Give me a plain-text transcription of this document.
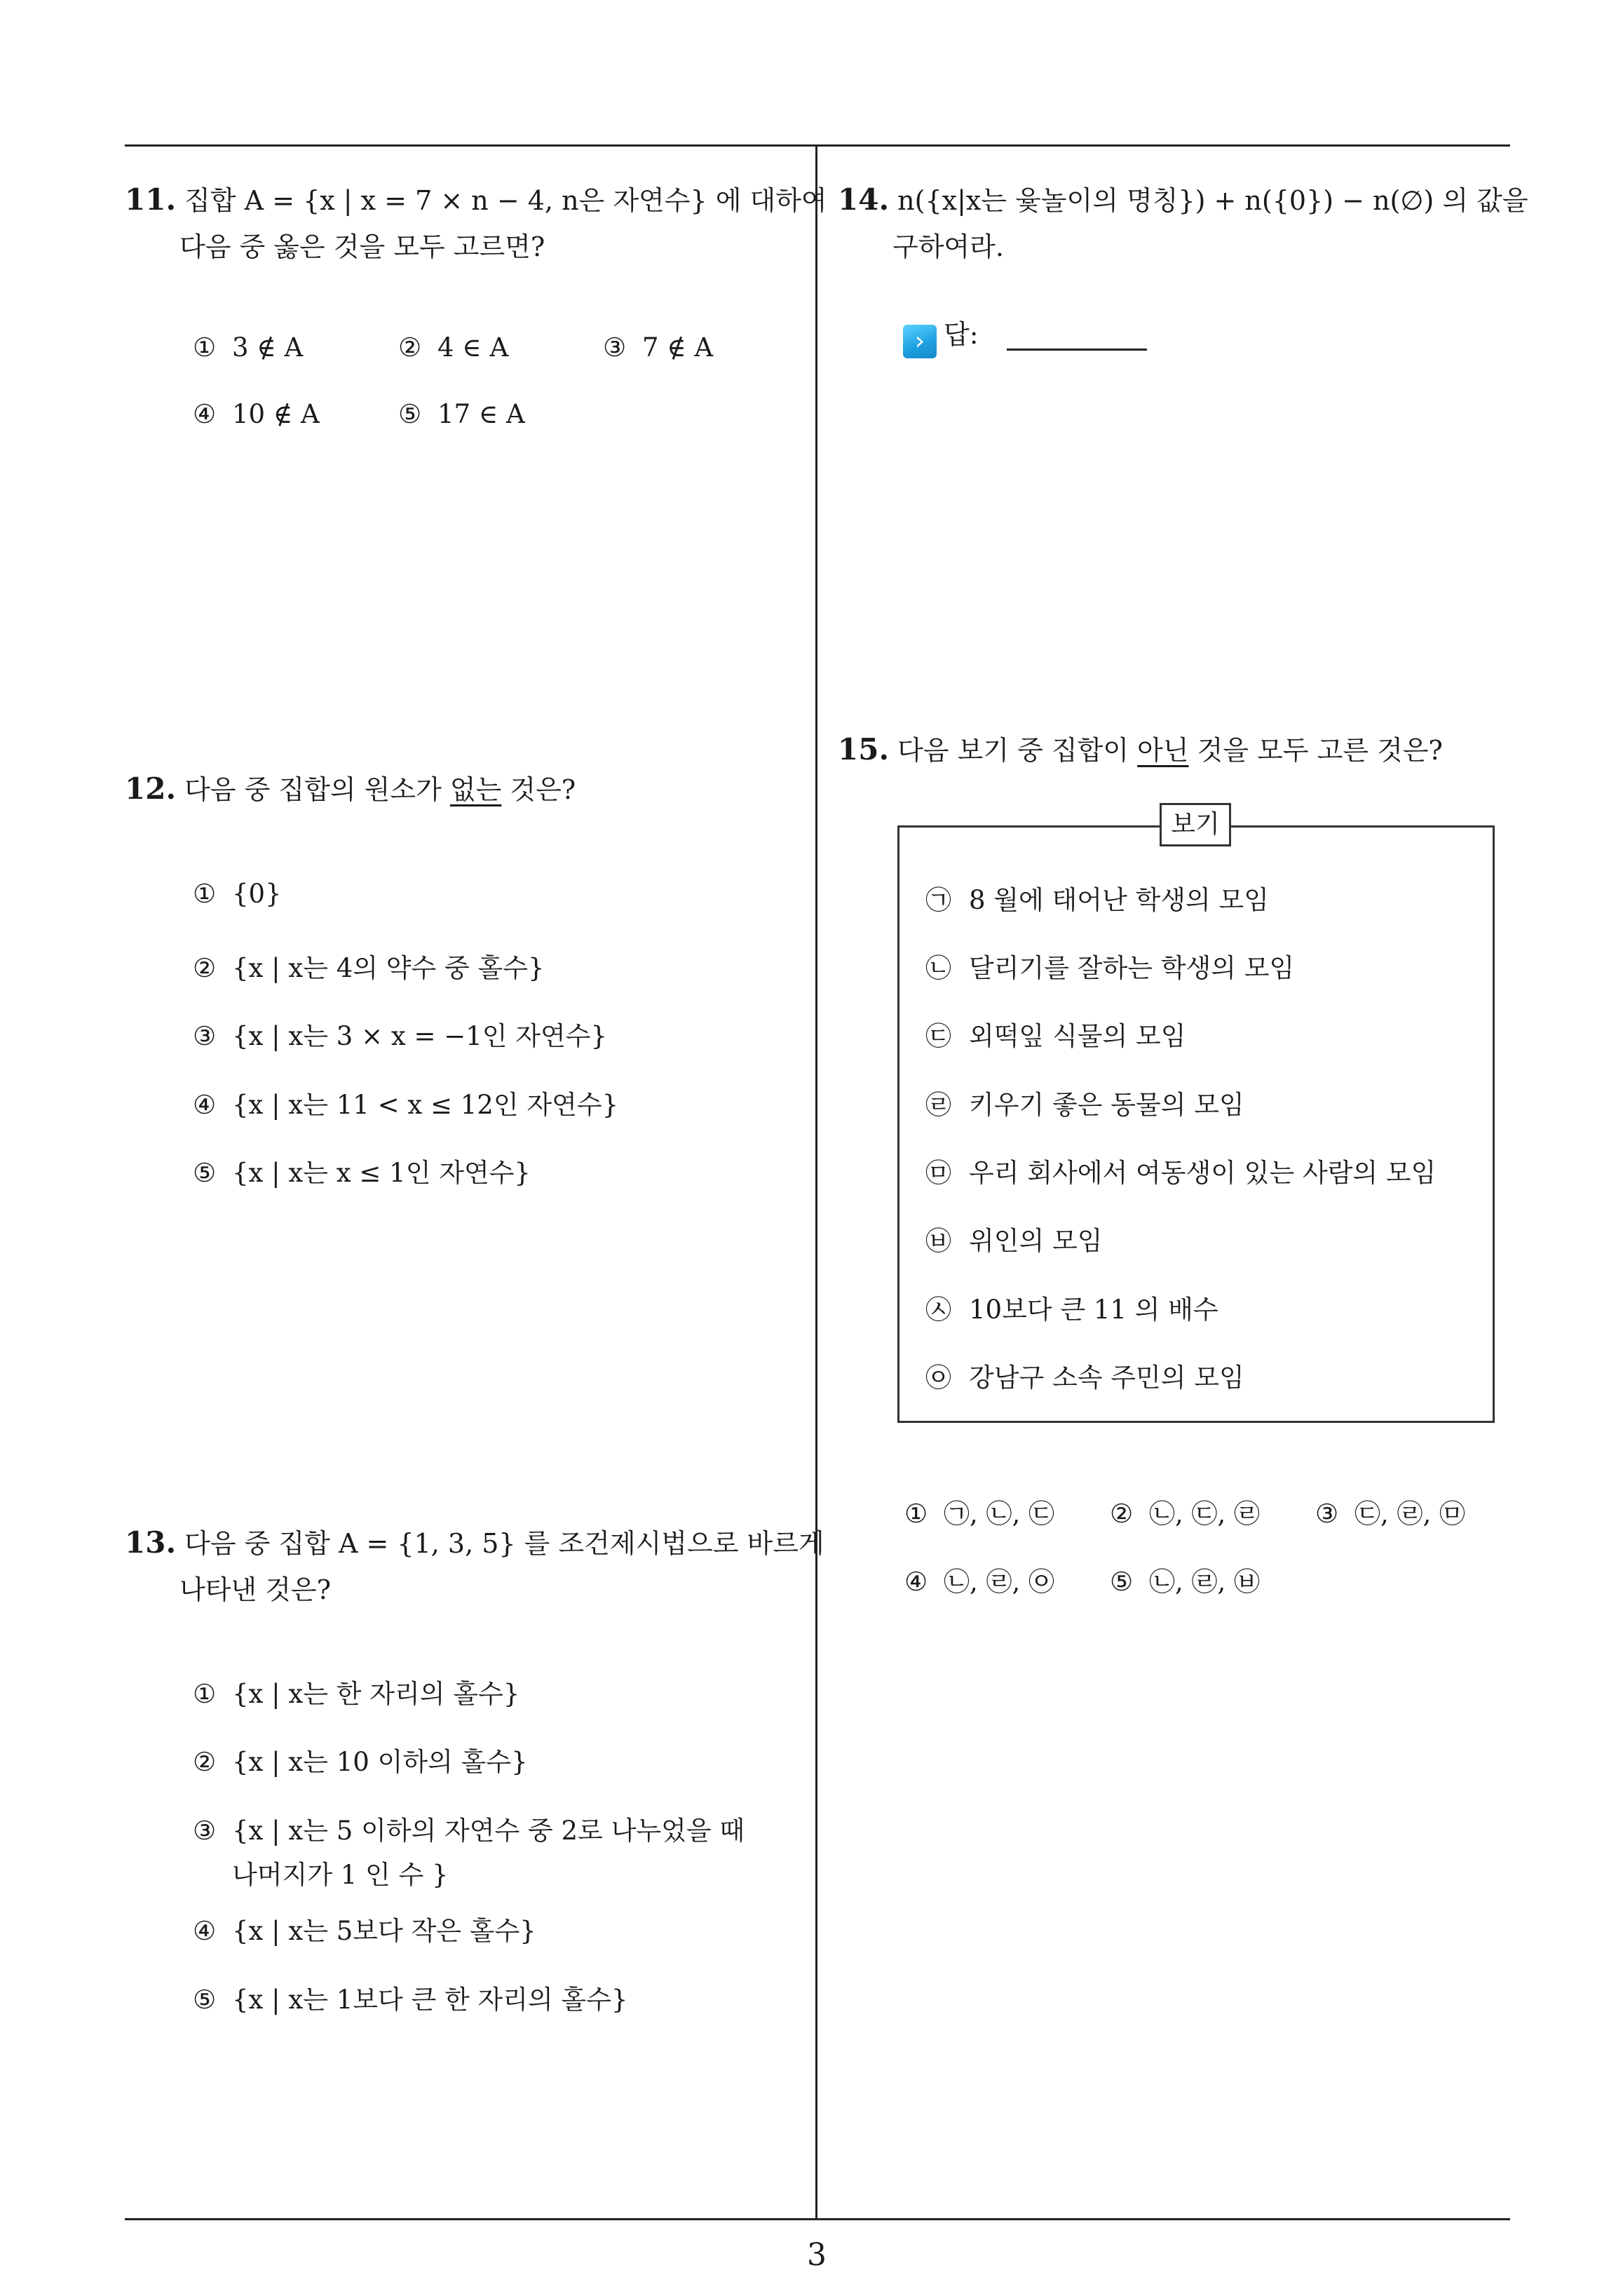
3
11. 집합 A = {x | x = 7 × n − 4, n은 자연수} 에 대하여
다음 중 옳은 것을 모두 고르면?
① 3 ∉ A	② 4 ∈ A	③ 7 ∉ A
④ 10 ∉ A	⑤ 17 ∈ A
12. 다음 중 집합의 원소가 없는 것은?
① {0}
② {x | x는 4의 약수 중 홀수}
③ {x | x는 3 × x = −1인 자연수}
④ {x | x는 11 < x ≤ 12인 자연수}
⑤ {x | x는 x ≤ 1인 자연수}
13. 다음 중 집합 A = {1, 3, 5} 를 조건제시법으로 바르게
나타낸 것은?
① {x | x는 한 자리의 홀수}
② {x | x는 10 이하의 홀수}
③ {x | x는 5 이하의 자연수 중 2로 나누었을 때
나머지가 1 인 수 }
④ {x | x는 5보다 작은 홀수}
⑤ {x | x는 1보다 큰 한 자리의 홀수}
14. n({x|x는 윷놀이의 명칭}) + n({0}) − n(∅) 의 값을
구하여라.
› 답:
15. 다음 보기 중 집합이 아닌 것을 모두 고른 것은?
보기
㉠ 8 월에 태어난 학생의 모임
㉡ 달리기를 잘하는 학생의 모임
㉢ 외떡잎 식물의 모임
㉣ 키우기 좋은 동물의 모임
㉤ 우리 회사에서 여동생이 있는 사람의 모임
㉥ 위인의 모임
㉦ 10보다 큰 11 의 배수
㉧ 강남구 소속 주민의 모임
① ㉠, ㉡, ㉢ ② ㉡, ㉢, ㉣ ③ ㉢, ㉣, ㉤
④ ㉡, ㉣, ㉧ ⑤ ㉡, ㉣, ㉥
